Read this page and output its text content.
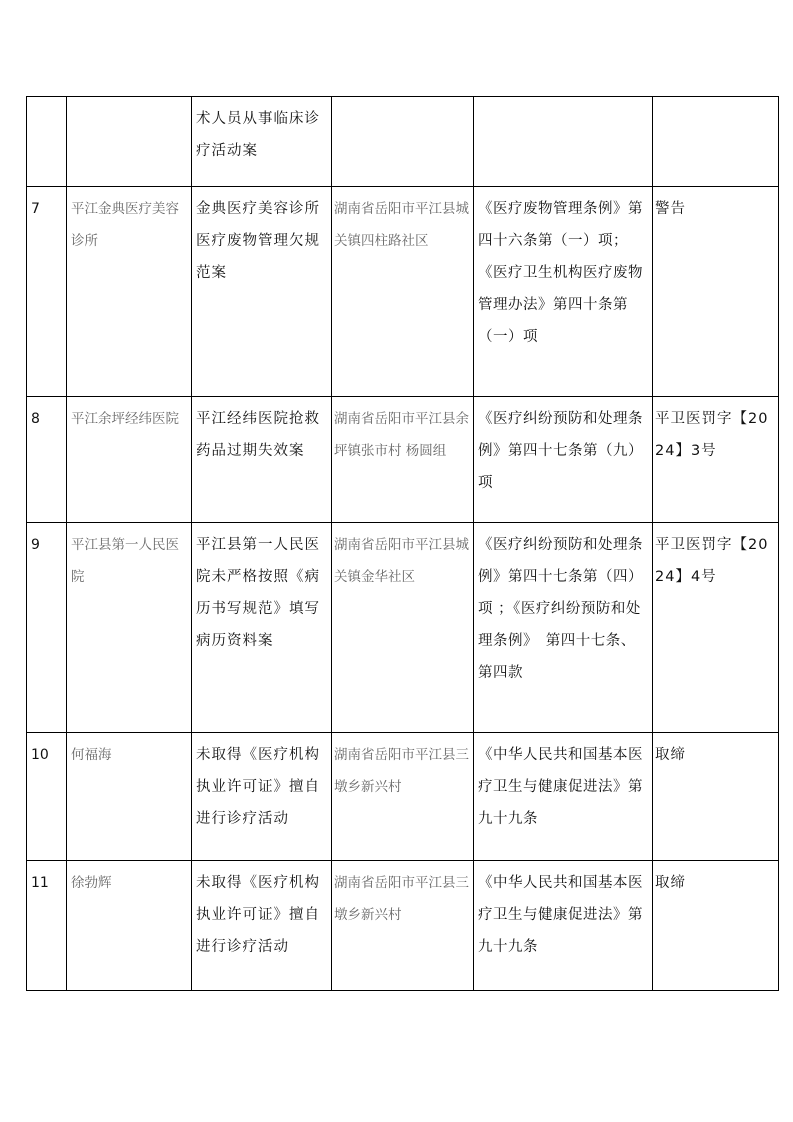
		术人员从事临床诊疗活动案			

7	平江金典医疗美容诊所	金典医疗美容诊所医疗废物管理欠规范案	湖南省岳阳市平江县城关镇四柱路社区	《医疗废物管理条例》第四十六条第（一）项；《医疗卫生机构医疗废物管理办法》第四十条第（一）项	警告

8	平江余坪经纬医院	平江经纬医院抢救药品过期失效案	湖南省岳阳市平江县余坪镇张市村 杨圆组	《医疗纠纷预防和处理条例》第四十七条第（九）项	平卫医罚字【2024】3号

9	平江县第一人民医院	平江县第一人民医院未严格按照《病历书写规范》填写病历资料案	湖南省岳阳市平江县城关镇金华社区	《医疗纠纷预防和处理条例》第四十七条第（四）项 ；《医疗纠纷预防和处理条例》　第四十七条、第四款	平卫医罚字【2024】4号

10	何福海	未取得《医疗机构执业许可证》擅自进行诊疗活动	湖南省岳阳市平江县三墩乡新兴村	《中华人民共和国基本医疗卫生与健康促进法》第九十九条	取缔

11	徐勃辉	未取得《医疗机构执业许可证》擅自进行诊疗活动	湖南省岳阳市平江县三墩乡新兴村	《中华人民共和国基本医疗卫生与健康促进法》第九十九条	取缔
